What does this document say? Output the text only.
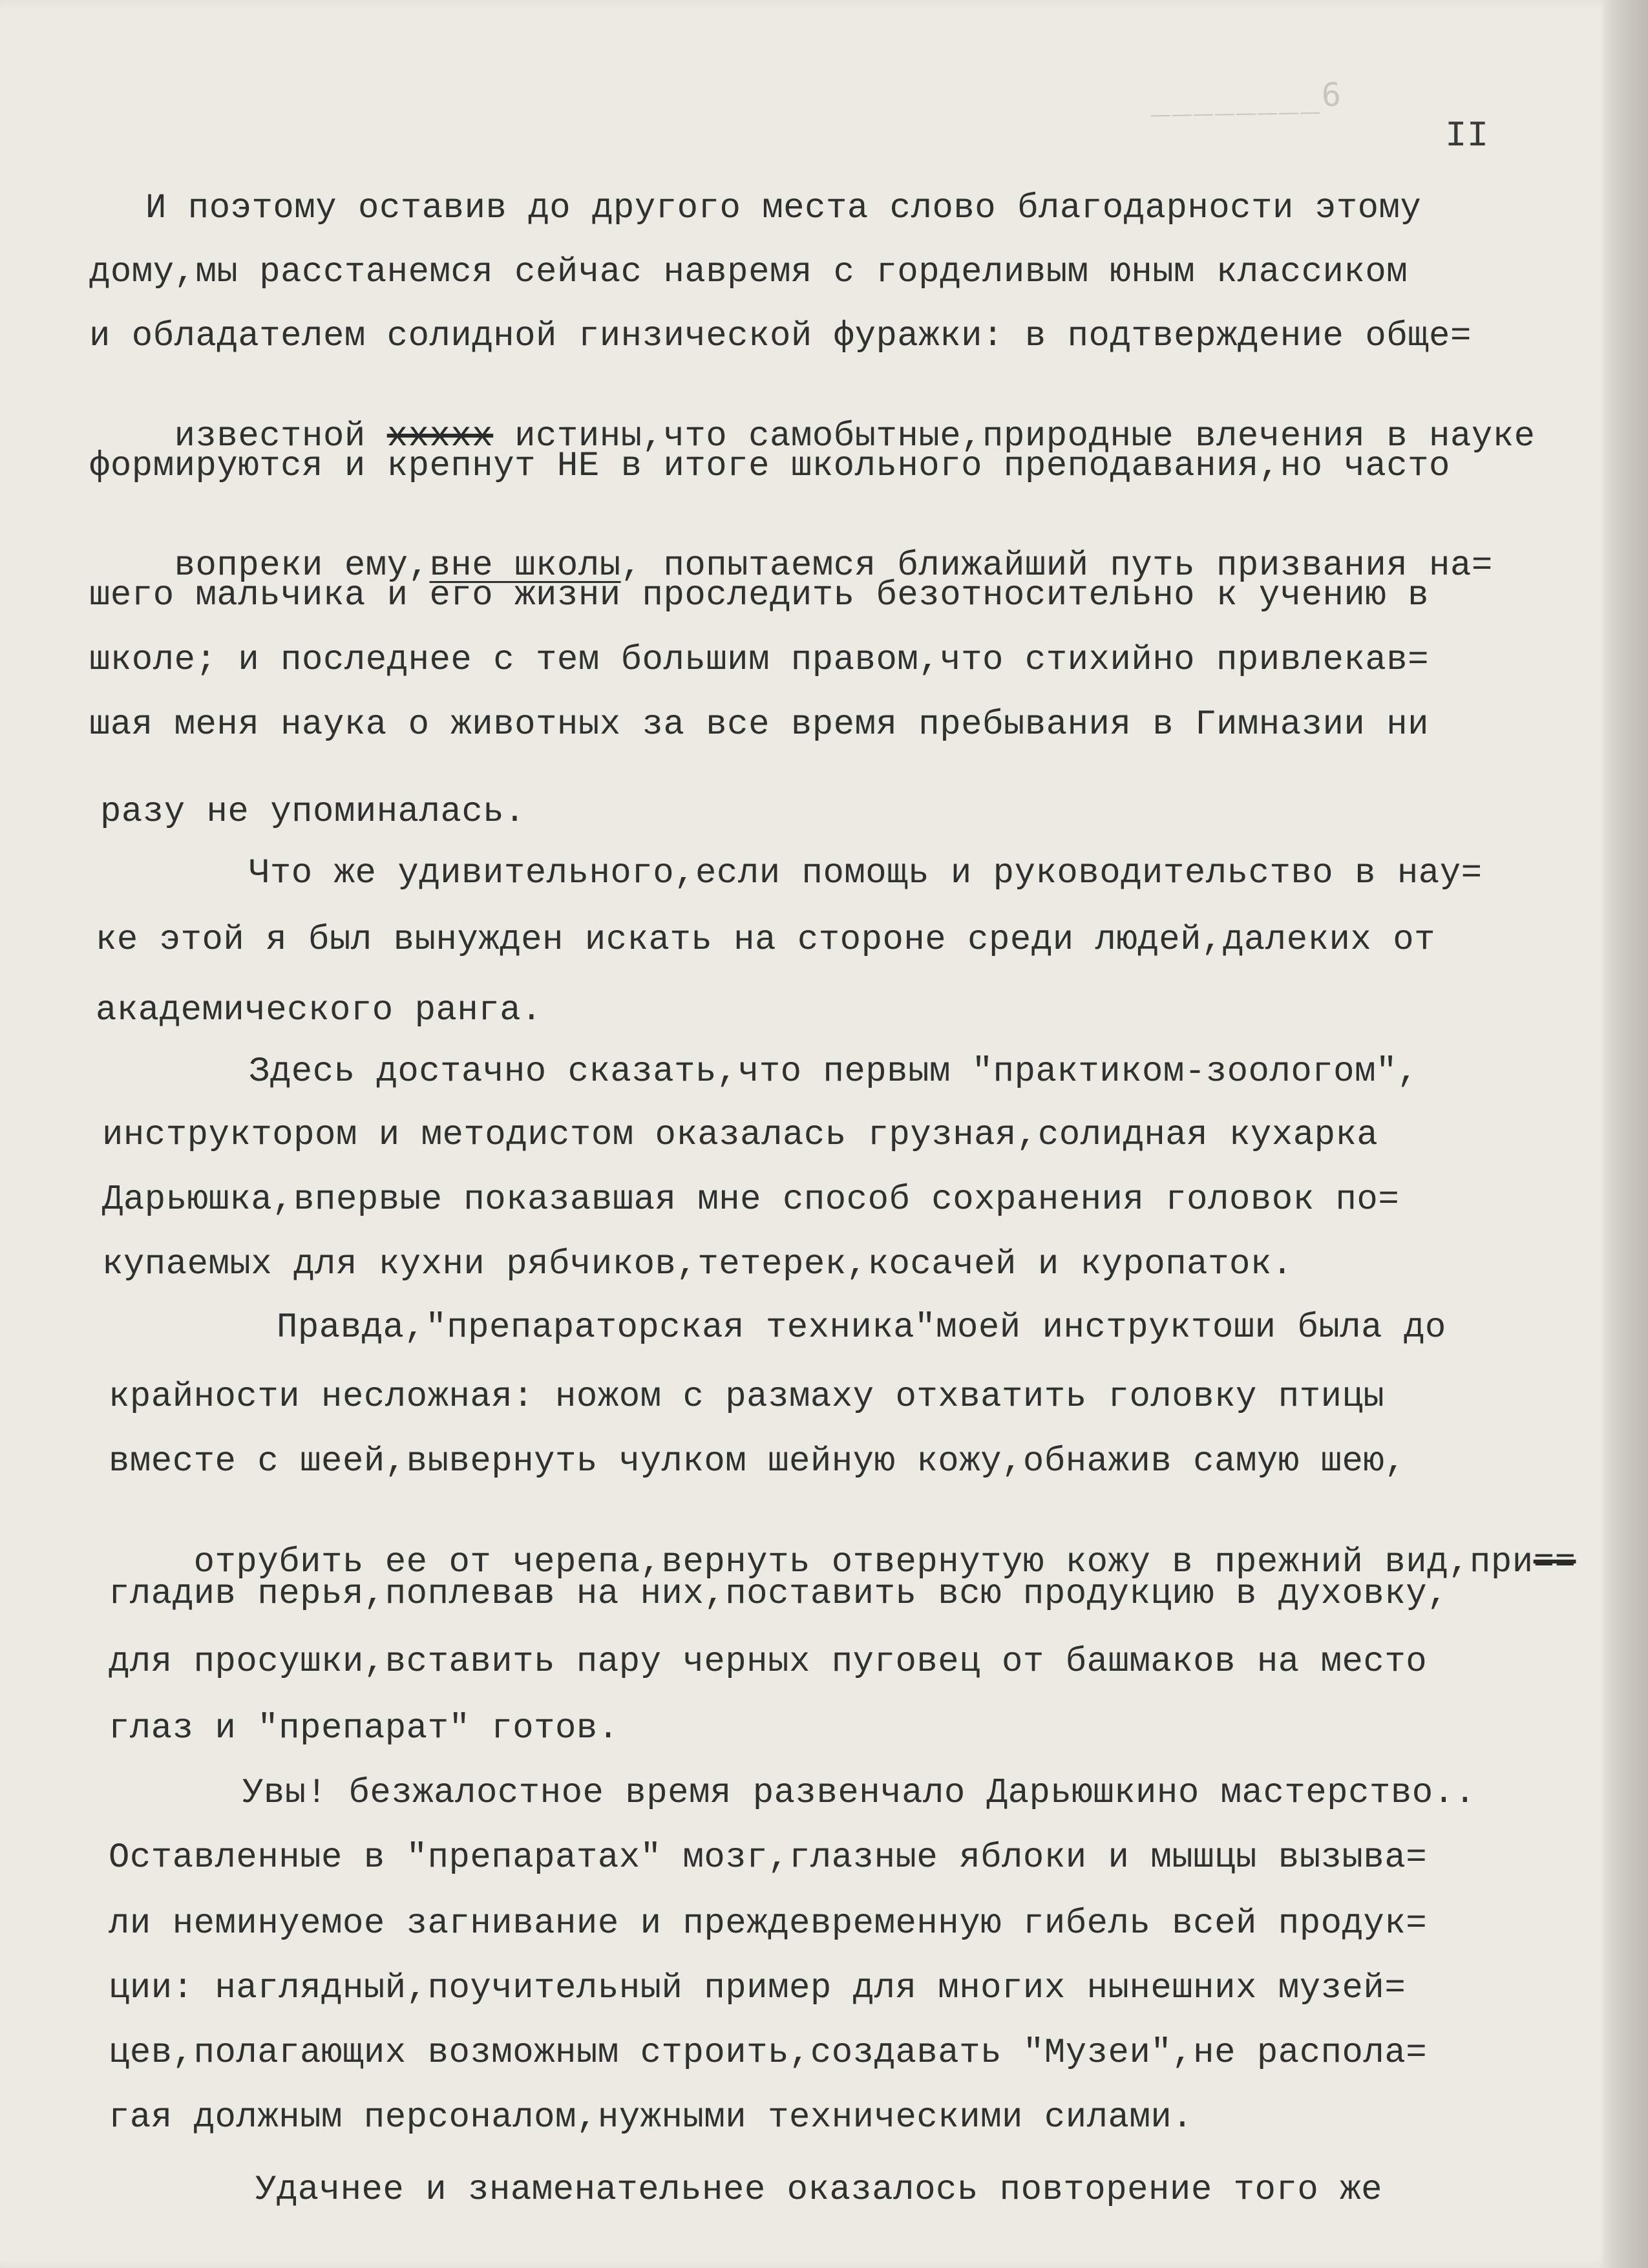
________6
II
И поэтому оставив до другого места слово благодарности этому
дому,мы расстанемся сейчас навремя с горделивым юным классиком
и обладателем солидной гинзической фуражки: в подтверждение обще=

известной xxxxx истины,что самобытные,природные влечения в науке

формируются и крепнут НЕ в итоге школьного преподавания,но часто

вопреки ему,вне школы, попытаемся ближайший путь призвания на=

шего мальчика и его жизни проследить безотносительно к учению в
школе; и последнее с тем большим правом,что стихийно привлекав=
шая меня наука о животных за все время пребывания в Гимназии ни
разу не упоминалась.
Что же удивительного,если помощь и руководительство в нау=
ке этой я был вынужден искать на стороне среди людей,далеких от
академического ранга.
Здесь достачно сказать,что первым "практиком-зоологом",
инструктором и методистом оказалась грузная,солидная кухарка
Дарьюшка,впервые показавшая мне способ сохранения головок по=
купаемых для кухни рябчиков,тетерек,косачей и куропаток.
Правда,"препараторская техника"моей инструктоши была до
крайности несложная: ножом с размаху отхватить головку птицы
вместе с шеей,вывернуть чулком шейную кожу,обнажив самую шею,

отрубить ее от черепа,вернуть отвернутую кожу в прежний вид,при==

гладив перья,поплевав на них,поставить всю продукцию в духовку,
для просушки,вставить пару черных пуговец от башмаков на место
глаз и "препарат" готов.
Увы! безжалостное время развенчало Дарьюшкино мастерство..
Оставленные в "препаратах" мозг,глазные яблоки и мышцы вызыва=
ли неминуемое загнивание и преждевременную гибель всей продук=
ции: наглядный,поучительный пример для многих нынешних музей=
цев,полагающих возможным строить,создавать "Музеи",не распола=
гая должным персоналом,нужными техническими силами.
Удачнее и знаменательнее оказалось повторение того же
